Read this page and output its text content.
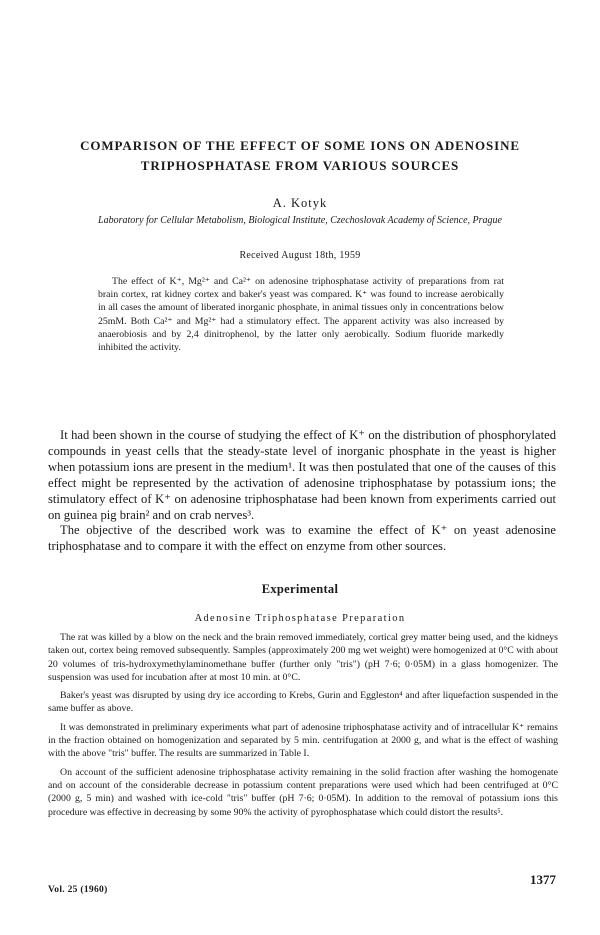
COMPARISON OF THE EFFECT OF SOME IONS ON ADENOSINE TRIPHOSPHATASE FROM VARIOUS SOURCES
A. Kotyk
Laboratory for Cellular Metabolism, Biological Institute, Czechoslovak Academy of Science, Prague
Received August 18th, 1959

The effect of K⁺, Mg²⁺ and Ca²⁺ on adenosine triphosphatase activity of preparations from rat brain cortex, rat kidney cortex and baker's yeast was compared. K⁺ was found to increase aerobically in all cases the amount of liberated inorganic phosphate, in animal tissues only in concentrations below 25mM. Both Ca²⁺ and Mg²⁺ had a stimulatory effect. The apparent activity was also increased by anaerobiosis and by 2,4 dinitrophenol, by the latter only aerobically. Sodium fluoride markedly inhibited the activity.

It had been shown in the course of studying the effect of K⁺ on the distribution of phosphorylated compounds in yeast cells that the steady-state level of inorganic phosphate in the yeast is higher when potassium ions are present in the medium¹. It was then postulated that one of the causes of this effect might be represented by the activation of adenosine triphosphatase by potassium ions; the stimulatory effect of K⁺ on adenosine triphosphatase had been known from experiments carried out on guinea pig brain² and on crab nerves³.

The objective of the described work was to examine the effect of K⁺ on yeast adenosine triphosphatase and to compare it with the effect on enzyme from other sources.

Experimental
Adenosine Triphosphatase Preparation

The rat was killed by a blow on the neck and the brain removed immediately, cortical grey matter being used, and the kidneys taken out, cortex being removed subsequently. Samples (approximately 200 mg wet weight) were homogenized at 0°C with about 20 volumes of tris-hydroxymethylaminomethane buffer (further only "tris") (pH 7·6; 0·05M) in a glass homogenizer. The suspension was used for incubation after at most 10 min. at 0°C.

Baker's yeast was disrupted by using dry ice according to Krebs, Gurin and Eggleston⁴ and after liquefaction suspended in the same buffer as above.

It was demonstrated in preliminary experiments what part of adenosine triphosphatase activity and of intracellular K⁺ remains in the fraction obtained on homogenization and separated by 5 min. centrifugation at 2000 g, and what is the effect of washing with the above "tris" buffer. The results are summarized in Table I.

On account of the sufficient adenosine triphosphatase activity remaining in the solid fraction after washing the homogenate and on account of the considerable decrease in potassium content preparations were used which had been centrifuged at 0°C (2000 g, 5 min) and washed with ice-cold "tris" buffer (pH 7·6; 0·05M). In addition to the removal of potassium ions this procedure was effective in decreasing by some 90% the activity of pyrophosphatase which could distort the results⁵.

Vol. 25 (1960)
1377
